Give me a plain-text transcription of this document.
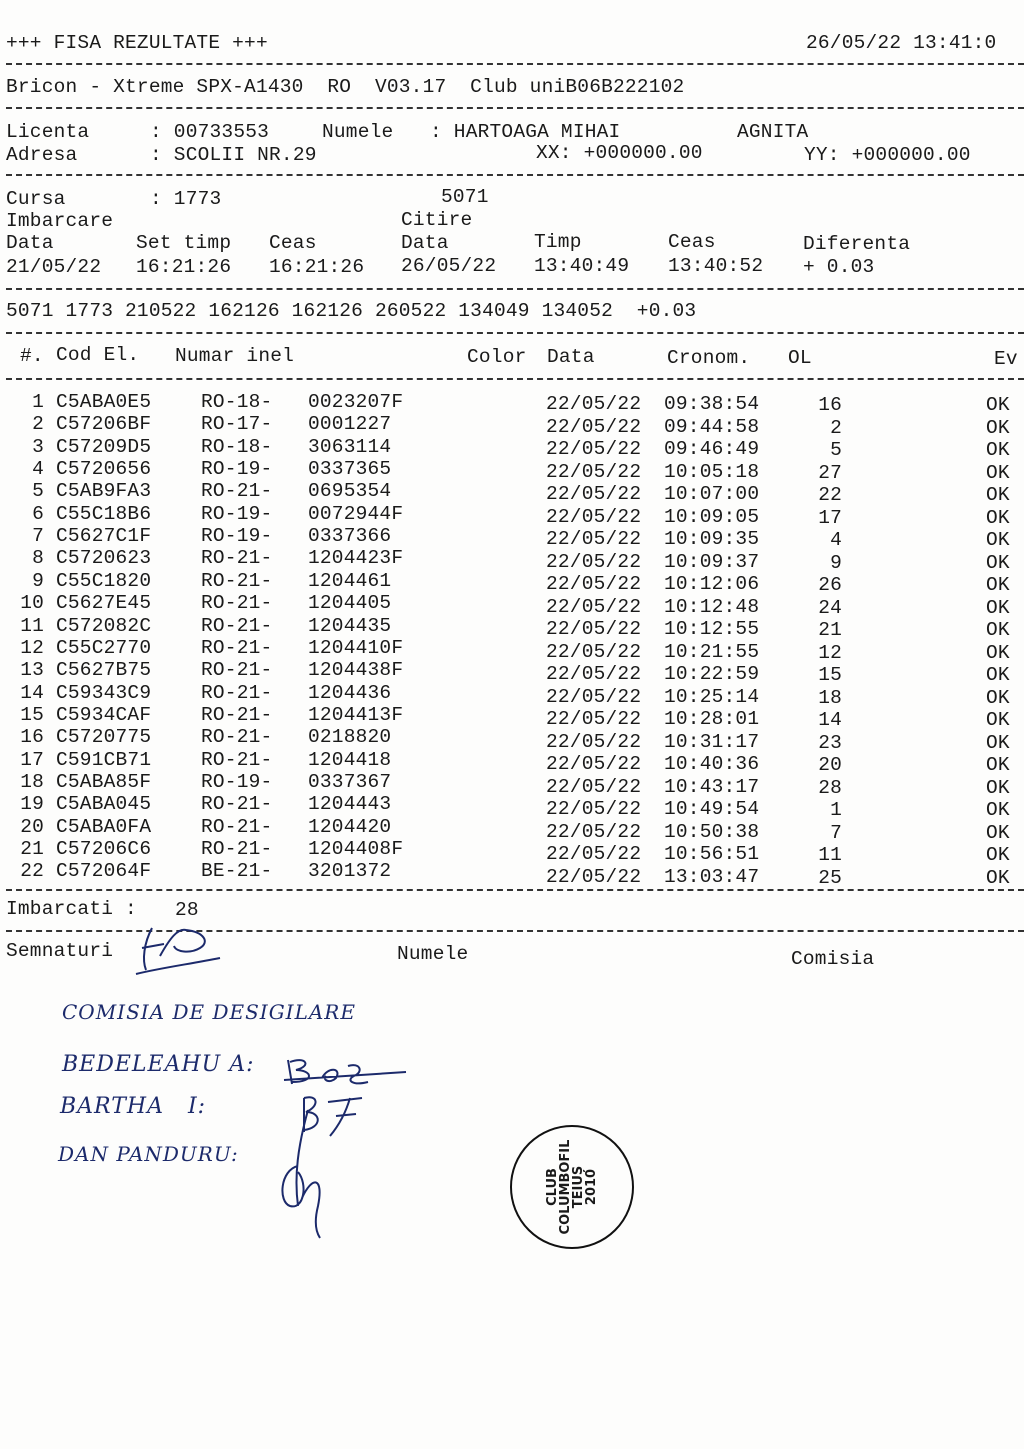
+++ FISA REZULTATE +++	26/05/22 13:41:0
Bricon - Xtreme SPX-A1430  RO  V03.17  Club uniB06B222102
Licenta	: 00733553	Numele : HARTOAGA MIHAI	AGNITA
Adresa	: SCOLII NR.29	XX: +000000.00	YY: +000000.00
Cursa	: 1773	5071
Imbarcare	Citire
Data	Set timp Ceas	Data	Timp	Ceas	Diferenta
21/05/22 16:21:26 16:21:26 26/05/22 13:40:49 13:40:52 + 0.03
5071 1773 210522 162126 162126 260522 134049 134052  +0.03
#. Cod El. Numar inel	Color Data	Cronom. OL	Ev
1 C5ABA0E5	RO-18- 0023207F	22/05/22 09:38:54	16	OK
2 C57206BF	RO-17- 0001227	22/05/22 09:44:58	2	OK
3 C57209D5	RO-18- 3063114	22/05/22 09:46:49	5	OK
4 C5720656	RO-19- 0337365	22/05/22 10:05:18	27	OK
5 C5AB9FA3	RO-21- 0695354	22/05/22 10:07:00	22	OK
6 C55C18B6	RO-19- 0072944F	22/05/22 10:09:05	17	OK
7 C5627C1F	RO-19- 0337366	22/05/22 10:09:35	4	OK
8 C5720623	RO-21- 1204423F	22/05/22 10:09:37	9	OK
9 C55C1820	RO-21- 1204461	22/05/22 10:12:06	26	OK
10 C5627E45	RO-21- 1204405	22/05/22 10:12:48	24	OK
11 C572082C	RO-21- 1204435	22/05/22 10:12:55	21	OK
12 C55C2770	RO-21- 1204410F	22/05/22 10:21:55	12	OK
13 C5627B75	RO-21- 1204438F	22/05/22 10:22:59	15	OK
14 C59343C9	RO-21- 1204436	22/05/22 10:25:14	18	OK
15 C5934CAF	RO-21- 1204413F	22/05/22 10:28:01	14	OK
16 C5720775	RO-21- 0218820	22/05/22 10:31:17	23	OK
17 C591CB71	RO-21- 1204418	22/05/22 10:40:36	20	OK
18 C5ABA85F	RO-19- 0337367	22/05/22 10:43:17	28	OK
19 C5ABA045	RO-21- 1204443	22/05/22 10:49:54	1	OK
20 C5ABA0FA	RO-21- 1204420	22/05/22 10:50:38	7	OK
21 C57206C6	RO-21- 1204408F	22/05/22 10:56:51	11	OK
22 C572064F	BE-21- 3201372	22/05/22 13:03:47	25	OK
Imbarcati : 28
Semnaturi	Numele	Comisia
COMISIA DE DESIGILARE
BEDELEAHU A:
BARTHA   I:
DAN PANDURU:
CLUB
COLUMBOFIL
TEIUȘ
2010
